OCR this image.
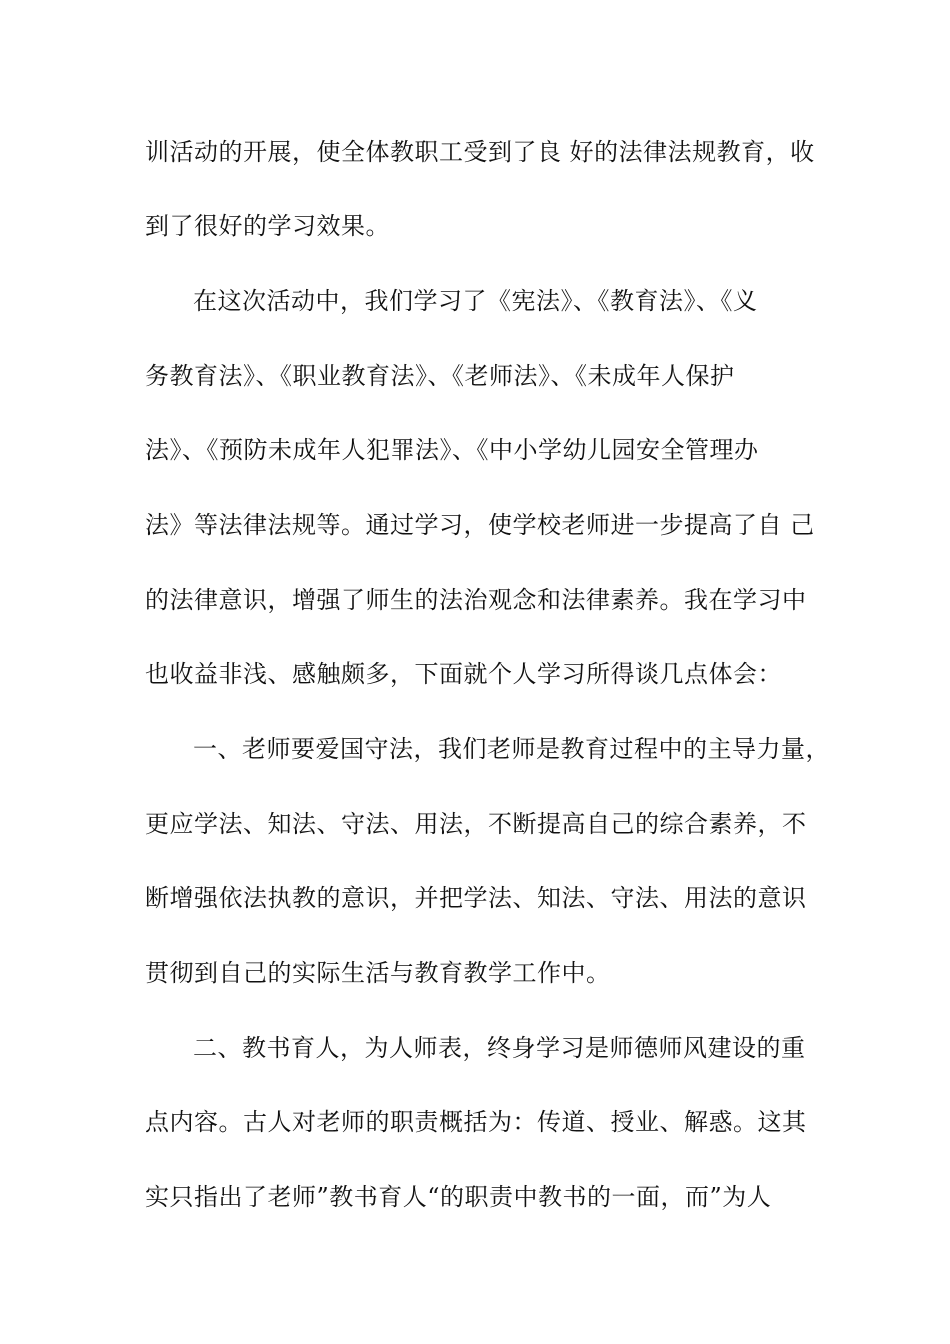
训活动的开展，使全体教职工受到了良 好的法律法规教育，收
到了很好的学习效果。
在这次活动中，我们学习了《宪法》、《教育法》、《义
务教育法》、《职业教育法》、《老师法》、《未成年人保护
法》、《预防未成年人犯罪法》、《中小学幼儿园安全管理办
法》等法律法规等。通过学习，使学校老师进一步提高了自 己
的法律意识，增强了师生的法治观念和法律素养。我在学习中
也收益非浅、感触颇多，下面就个人学习所得谈几点体会：
一、老师要爱国守法，我们老师是教育过程中的主导力量，
更应学法、知法、守法、用法，不断提高自己的综合素养，不
断增强依法执教的意识，并把学法、知法、守法、用法的意识
贯彻到自己的实际生活与教育教学工作中。
二、教书育人，为人师表，终身学习是师德师风建设的重
点内容。古人对老师的职责概括为：传道、授业、解惑。这其
实只指出了老师”教书育人“的职责中教书的一面，而”为人
